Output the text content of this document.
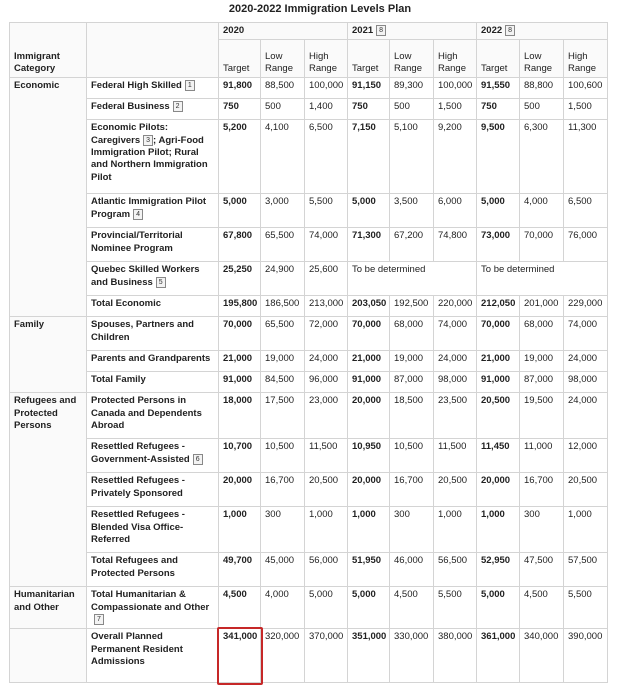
2020-2022 Immigration Levels Plan
Immigrant Category		2020			2021 8			2022 8		
		Target	Low Range	High Range	Target	Low Range	High Range	Target	Low Range	High Range
Economic	Federal High Skilled 1	91,800	88,500	100,000	91,150	89,300	100,000	91,550	88,800	100,600
	Federal Business 2	750	500	1,400	750	500	1,500	750	500	1,500
	Economic Pilots: Caregivers 3 ; Agri-Food Immigration Pilot; Rural and Northern Immigration Pilot	5,200	4,100	6,500	7,150	5,100	9,200	9,500	6,300	11,300
	Atlantic Immigration Pilot Program 4	5,000	3,000	5,500	5,000	3,500	6,000	5,000	4,000	6,500
	Provincial/Territorial Nominee Program	67,800	65,500	74,000	71,300	67,200	74,800	73,000	70,000	76,000
	Quebec Skilled Workers and Business 5	25,250	24,900	25,600	To be determined			To be determined		
	Total Economic	195,800	186,500	213,000	203,050	192,500	220,000	212,050	201,000	229,000
Family	Spouses, Partners and Children	70,000	65,500	72,000	70,000	68,000	74,000	70,000	68,000	74,000
	Parents and Grandparents	21,000	19,000	24,000	21,000	19,000	24,000	21,000	19,000	24,000
	Total Family	91,000	84,500	96,000	91,000	87,000	98,000	91,000	87,000	98,000
Refugees and Protected Persons	Protected Persons in Canada and Dependents Abroad	18,000	17,500	23,000	20,000	18,500	23,500	20,500	19,500	24,000
	Resettled Refugees - Government-Assisted 6	10,700	10,500	11,500	10,950	10,500	11,500	11,450	11,000	12,000
	Resettled Refugees - Privately Sponsored	20,000	16,700	20,500	20,000	16,700	20,500	20,000	16,700	20,500
	Resettled Refugees - Blended Visa Office-Referred	1,000	300	1,000	1,000	300	1,000	1,000	300	1,000
	Total Refugees and Protected Persons	49,700	45,000	56,000	51,950	46,000	56,500	52,950	47,500	57,500
Humanitarian and Other	Total Humanitarian & Compassionate and Other7	4,500	4,000	5,000	5,000	4,500	5,500	5,000	4,500	5,500
	Overall Planned Permanent Resident Admissions	341,000	320,000	370,000	351,000	330,000	380,000	361,000	340,000	390,000
